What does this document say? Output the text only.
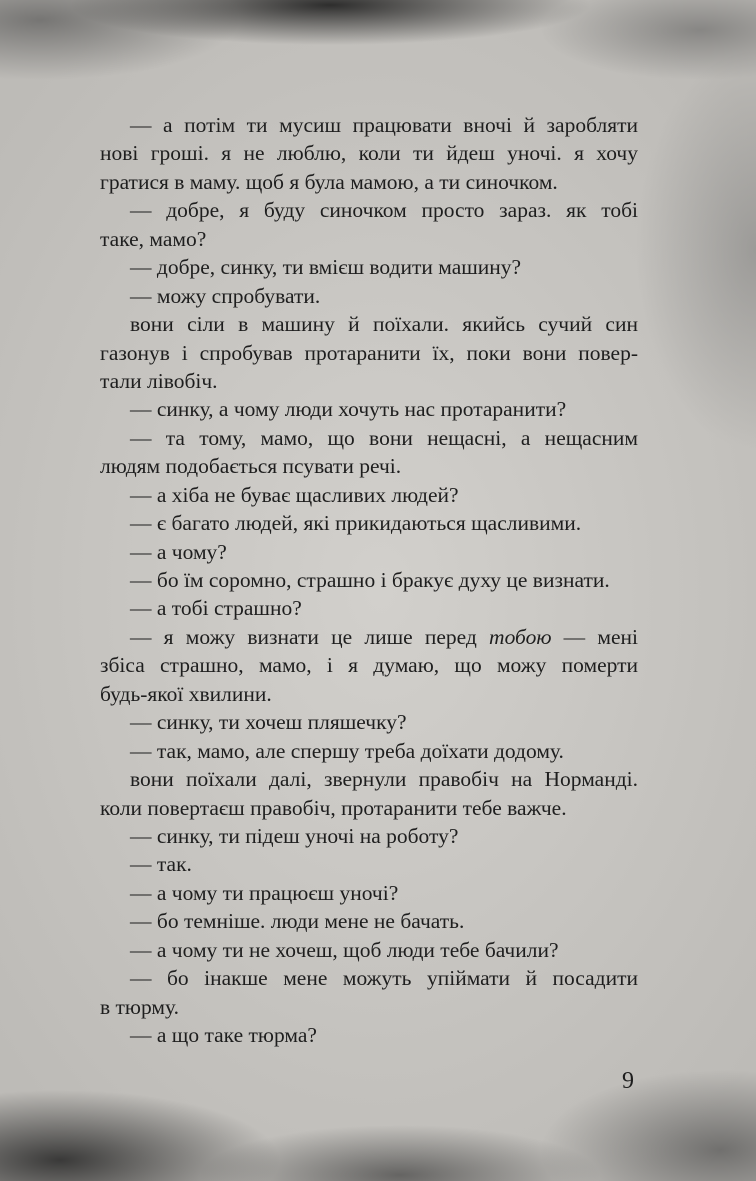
— а потім ти мусиш працювати вночі й заробляти
нові гроші. я не люблю, коли ти йдеш уночі. я хочу
гратися в маму. щоб я була мамою, а ти синочком.
— добре, я буду синочком просто зараз. як тобі
таке, мамо?
— добре, синку, ти вмієш водити машину?
— можу спробувати.
вони сіли в машину й поїхали. якийсь сучий син
газонув і спробував протаранити їх, поки вони повер-
тали лівобіч.
— синку, а чому люди хочуть нас протаранити?
— та тому, мамо, що вони нещасні, а нещасним
людям подобається псувати речі.
— а хіба не буває щасливих людей?
— є багато людей, які прикидаються щасливими.
— а чому?
— бо їм соромно, страшно і бракує духу це визнати.
— а тобі страшно?
— я можу визнати це лише перед тобою — мені
збіса страшно, мамо, і я думаю, що можу померти
будь-якої хвилини.
— синку, ти хочеш пляшечку?
— так, мамо, але спершу треба доїхати додому.
вони поїхали далі, звернули правобіч на Норманді.
коли повертаєш правобіч, протаранити тебе важче.
— синку, ти підеш уночі на роботу?
— так.
— а чому ти працюєш уночі?
— бо темніше. люди мене не бачать.
— а чому ти не хочеш, щоб люди тебе бачили?
— бо інакше мене можуть упіймати й посадити
в тюрму.
— а що таке тюрма?
9
